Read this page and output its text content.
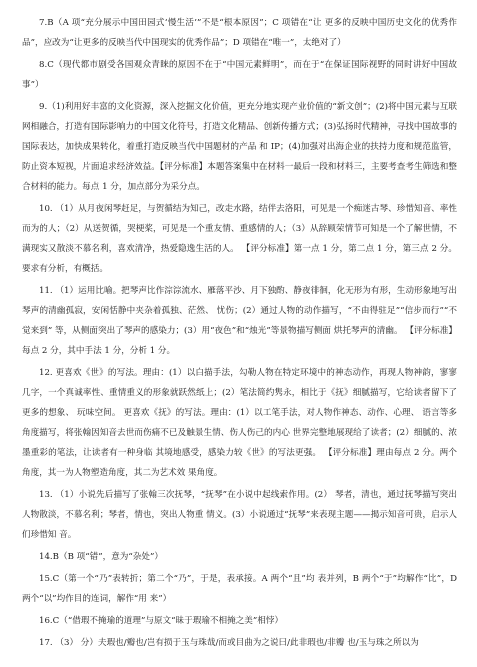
7.B（A 项“充分展示中国田园式‘慢生活’”不是“根本原因”；C 项错在“让 更多的反映中国历史文化的优秀作品”，应改为“让更多的反映当代中国现实的优秀作品”；D 项错在“唯一”，太绝对了）

8.C（现代都市剧受各国观众青睐的原因不在于“中国元素鲜明”，而在于“在保证国际视野的同时讲好中国故事”）

9.（1)利用好丰富的文化资源，深入挖掘文化价值，更充分地实现产业价值的“新文创”；(2)将中国元素与互联网相融合，打造有国际影响力的中国文化符号，打造文化精品、创新传播方式；(3)弘扬时代精神，寻找中国故事的国际表达，加快成果转化，着重打造反映当代中国题材的产品 和 IP；(4)加强对出海企业的扶持力度和规范监管，防止资本短视，片面追求经济效益。【评分标准】本题答案集中在材料一最后一段和材料三，主要考查考生筛选和整 合材料的能力。每点 1 分，加点部分为采分点。

10. （1）从月夜闲琴赶足，与贺循结为知己，改走水路，结伴去洛阳，可见是一个痴迷古琴、珍惜知音、率性而为的人；（2）从送贺循，哭梗桨，可见是一个重友情、重感情的人；（3）从辞顾荣情节可知是一个了解世情，不满现实又散淡不慕名利，喜欢清净，热爱隐逸生活的人。 【评分标准】第一点 1 分，第二点 1 分，第三点 2 分。要求有分析，有概括。

11. （1）运用比喻。把琴声比作淙淙流水、雁落平沙、月下独酌、静夜徘徊，化无形为有形，生动形象地写出琴声的清幽孤寂，安闲恬静中夹杂着孤独、茫然、 忧伤；(2）通过人物的动作描写，“不由得驻足”“信步而行”“不觉来到” 等，从侧面突出了琴声的感染力；(3）用“夜色”和“烛光”等景物描写侧面 烘托琴声的清幽。 【评分标准】每点 2 分，其中手法 1 分，分析 1 分。

12. 更喜欢《世》的写法。理由：(1）以白描手法，勾勒人物在特定环境中的神态动作，再现人物神韵，寥寥几字，一个真诚率性、重情重义的形象就跃然纸上；(2）笔法简约隽永，相比于《抚》细腻描写，它给读者留下了更多的想象、 玩味空间。 更喜欢《抚》的写法。理由：(1）以工笔手法，对人物作神态、动作、心理、 语言等多角度描写，将张翰因知音去世而伤痛不已及触景生情、伤人伤己的内心 世界完整地展现给了读者；(2）细腻的、浓墨重彩的笔法，让读者有一种身临 其境地感受，感染力较《世》的写法更强。 【评分标准】理由每点 2 分。两个角度，其一为人物塑造角度，其二为艺术效 果角度。

13. （1）小说先后描写了张翰三次抚琴，“抚琴”在小说中起线索作用。(2） 琴者，清也，通过抚琴描写突出人物散淡，不慕名利；琴者，情也，突出人物重 情义。(3）小说通过“抚琴”来表现主题——揭示知音可贵，启示人们珍惜知 音。

14.B（B 项“错”，意为“杂处”）

15.C（第一个“乃”表转折；第二个“乃”，于是，表承接。A 两个“且”均 表并列，B 两个“于”均解作“比”，D 两个“以”均作目的连词，解作“用 来”）

16.C（“借瑕不掩瑜的道理”与原文“昧于瑕瑜不相掩之美”相悖）

17. （3） 分）夫瑕也/瓣也/岂有损于玉与珠哉/而或目曲为之说曰/此非瑕也/非瓣 也/玉与珠之所以为
